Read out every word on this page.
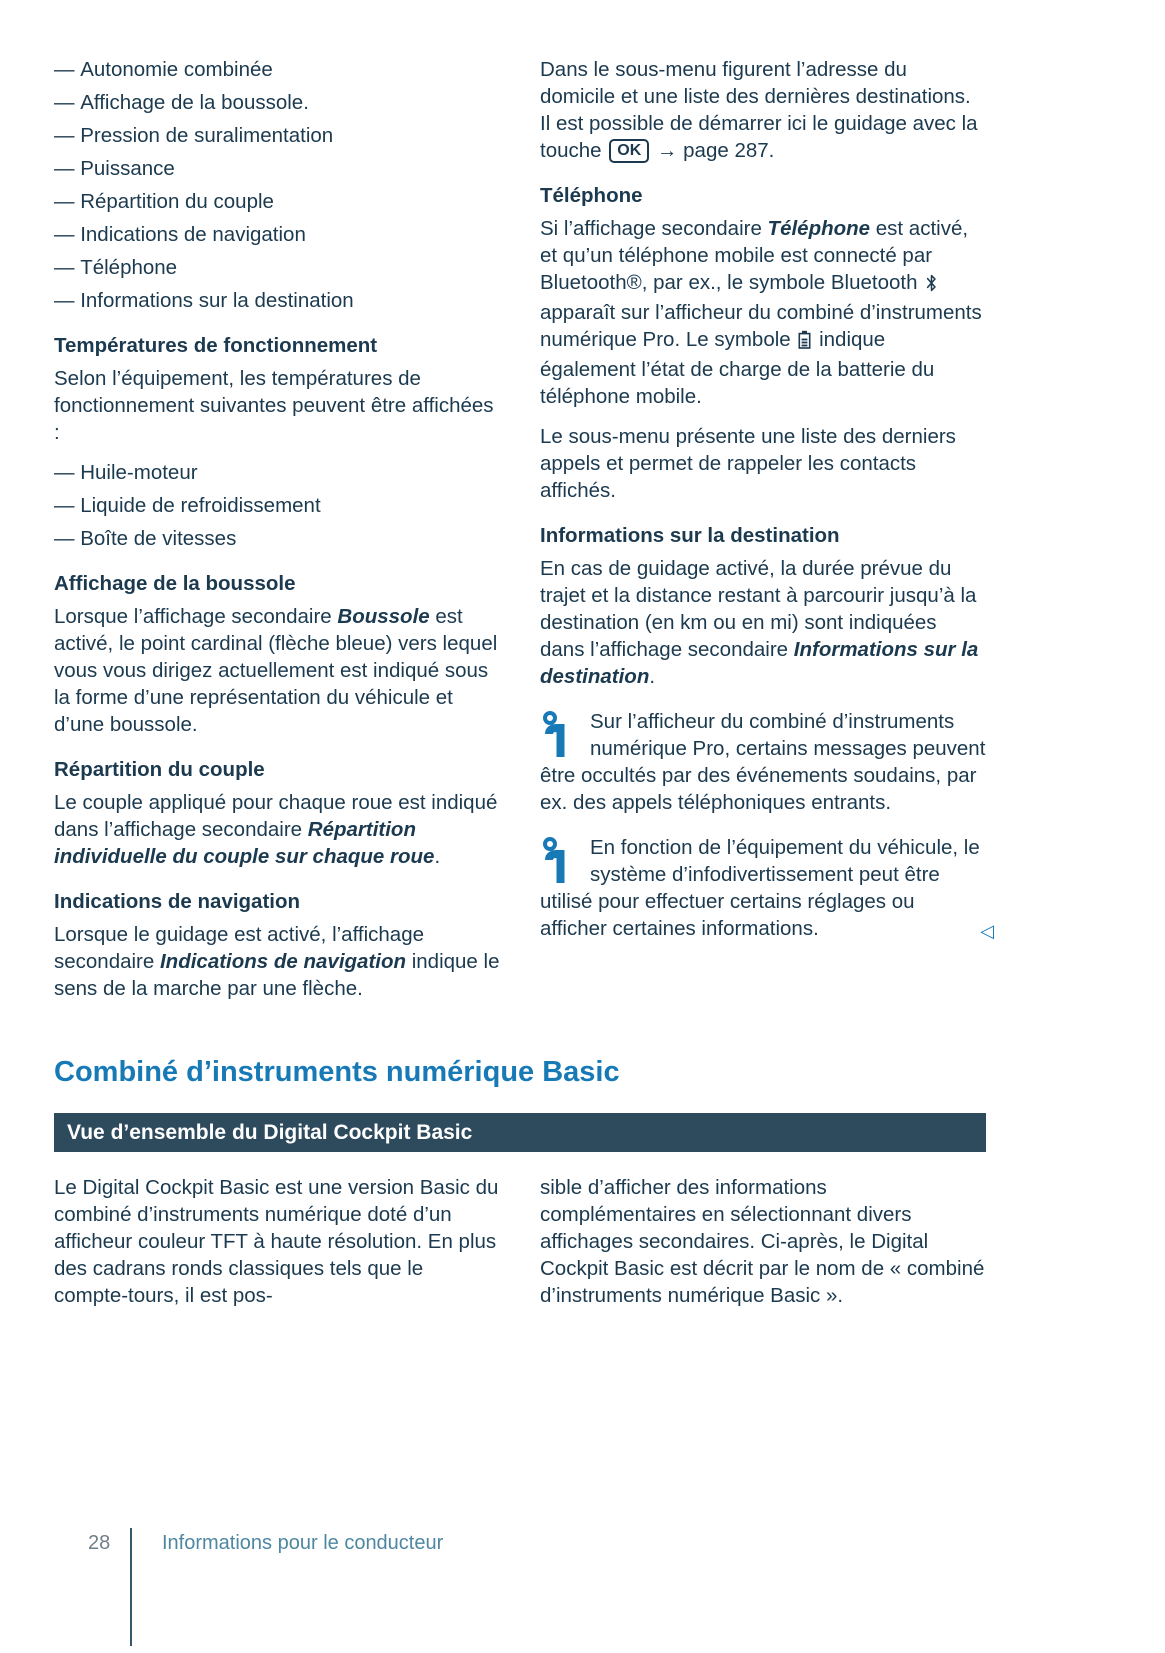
— Autonomie combinée
— Affichage de la boussole.
— Pression de suralimentation
— Puissance
— Répartition du couple
— Indications de navigation
— Téléphone
— Informations sur la destination
Températures de fonctionnement

Selon l’équipement, les températures de fonctionnement suivantes peuvent être affichées :

— Huile-moteur
— Liquide de refroidissement
— Boîte de vitesses
Affichage de la boussole

Lorsque l’affichage secondaire Boussole est activé, le point cardinal (flèche bleue) vers lequel vous vous dirigez actuellement est indiqué sous la forme d’une représentation du véhicule et d’une boussole.

Répartition du couple

Le couple appliqué pour chaque roue est indiqué dans l’affichage secondaire Répartition individuelle du couple sur chaque roue.

Indications de navigation

Lorsque le guidage est activé, l’affichage secondaire Indications de navigation indique le sens de la marche par une flèche.

Dans le sous-menu figurent l’adresse du domicile et une liste des dernières destinations. Il est possible de démarrer ici le guidage avec la touche OK → page 287.

Téléphone

Si l’affichage secondaire Téléphone est activé, et qu’un téléphone mobile est connecté par Bluetooth®, par ex., le symbole Bluetooth  apparaît sur l’afficheur du combiné d’instruments numérique Pro. Le symbole  indique également l’état de charge de la batterie du téléphone mobile.

Le sous-menu présente une liste des derniers appels et permet de rappeler les contacts affichés.

Informations sur la destination

En cas de guidage activé, la durée prévue du trajet et la distance restant à parcourir jusqu’à la destination (en km ou en mi) sont indiquées dans l’affichage secondaire Informations sur la destination.

Sur l’afficheur du combiné d’instruments numérique Pro, certains messages peuvent être occultés par des événements soudains, par ex. des appels téléphoniques entrants.

En fonction de l’équipement du véhicule, le système d’infodivertissement peut être utilisé pour effectuer certains réglages ou afficher certaines informations.	◁

Combiné d’instruments numérique Basic
Vue d’ensemble du Digital Cockpit Basic

Le Digital Cockpit Basic est une version Basic du combiné d’instruments numérique doté d’un afficheur couleur TFT à haute résolution. En plus des cadrans ronds classiques tels que le compte-tours, il est pos-

sible d’afficher des informations complémentaires en sélectionnant divers affichages secondaires. Ci-après, le Digital Cockpit Basic est décrit par le nom de « combiné d’instruments numérique Basic ».

28	Informations pour le conducteur
